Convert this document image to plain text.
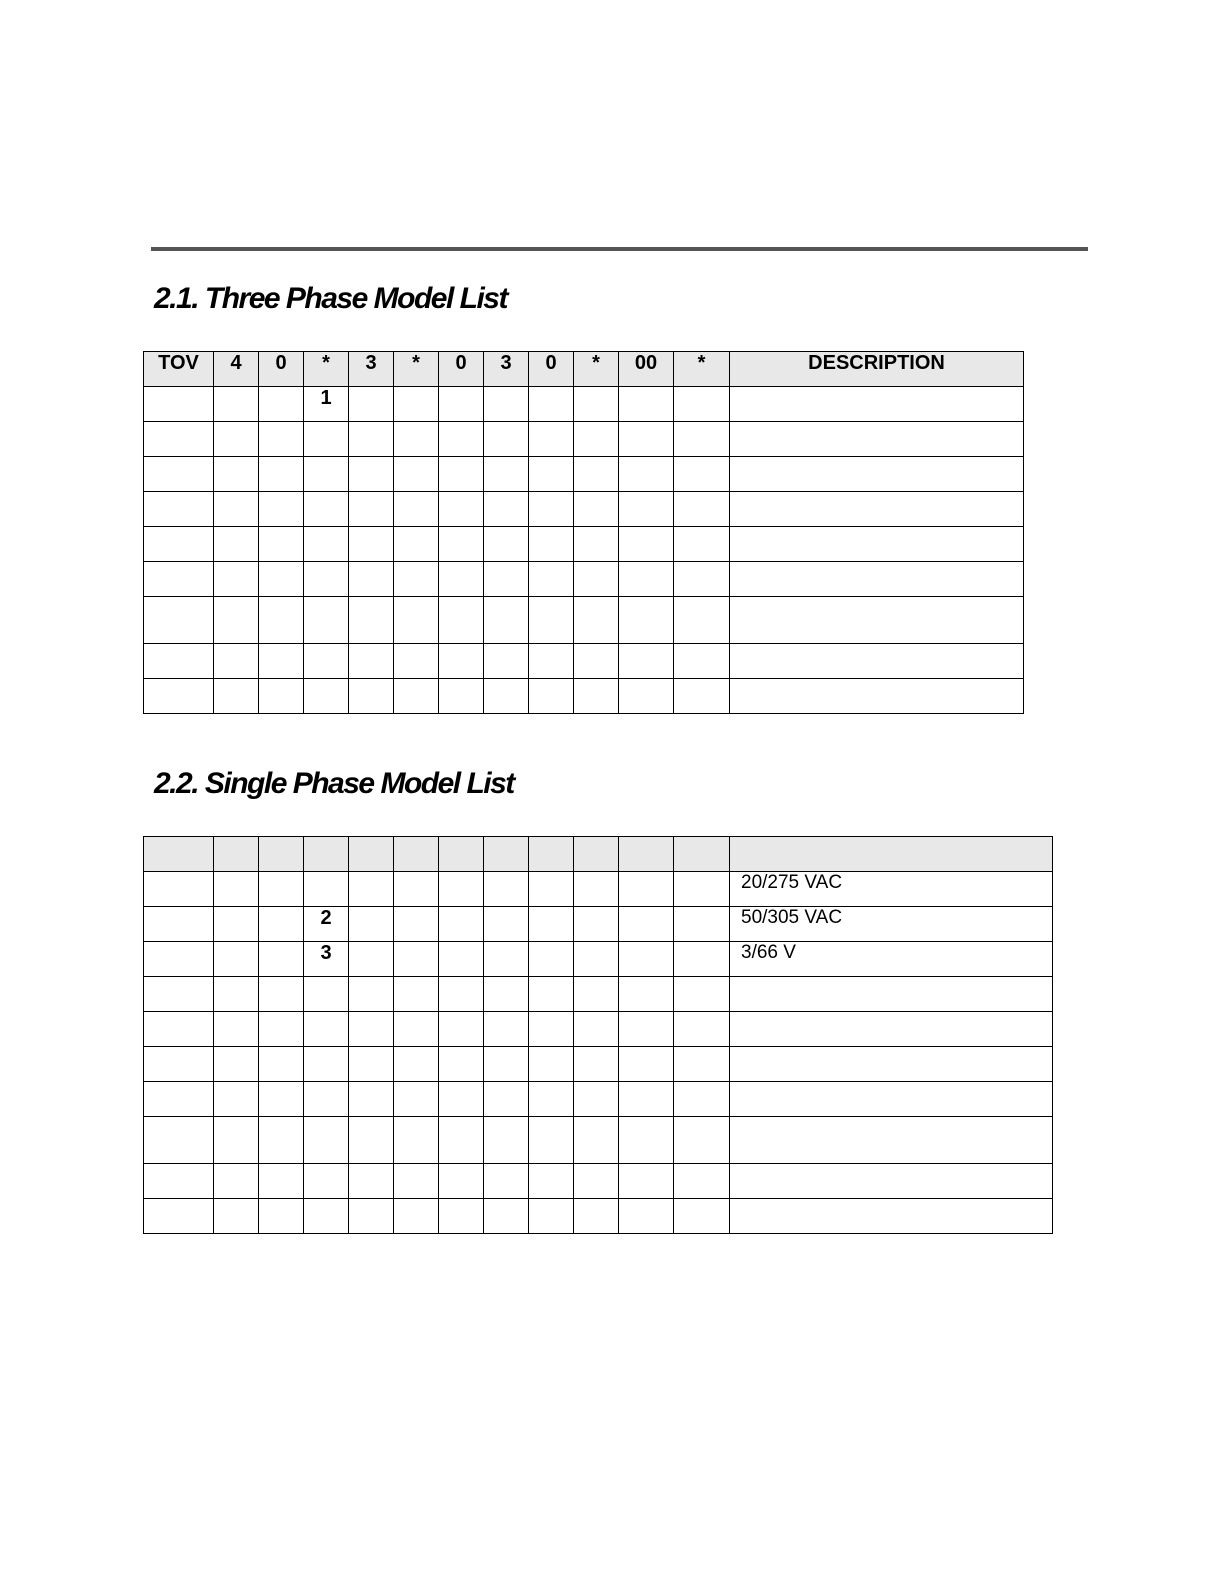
2.1. Three Phase Model List
TOV	4	0	*	3	*	0	3	0	*	00	*	DESCRIPTION
			1									

2.2. Single Phase Model List

												20/275 VAC
			2									50/305 VAC
			3									3/66 V
